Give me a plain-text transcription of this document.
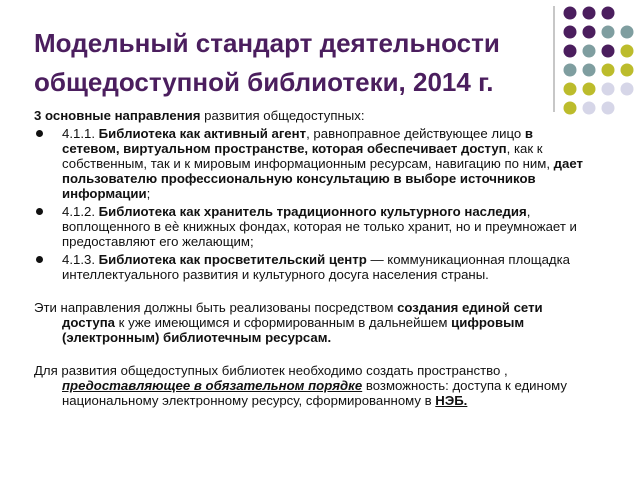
Модельный стандарт деятельности
общедоступной библиотеки, 2014 г.

3 основные направления развития общедоступных:

4.1.1. Библиотека как активный агент, равноправное действующее лицо в сетевом, виртуальном пространстве, которая обеспечивает доступ, как к собственным, так и к мировым информационным ресурсам, навигацию по ним, дает пользователю профессиональную консультацию в выборе источников информации;
4.1.2. Библиотека как хранитель традиционного культурного наследия, воплощенного в еѐ книжных фондах, которая не только хранит, но и преумножает и предоставляют его желающим;
4.1.3. Библиотека как просветительский центр — коммуникационная площадка интеллектуального развития и культурного досуга населения страны.

Эти направления должны быть реализованы посредством создания единой сети доступа к уже имеющимся и сформированным в дальнейшем цифровым (электронным) библиотечным ресурсам.

Для развития общедоступных библиотек необходимо создать пространство , предоставляющее в обязательном порядке возможность: доступа к единому национальному электронному ресурсу, сформированному в НЭБ.
